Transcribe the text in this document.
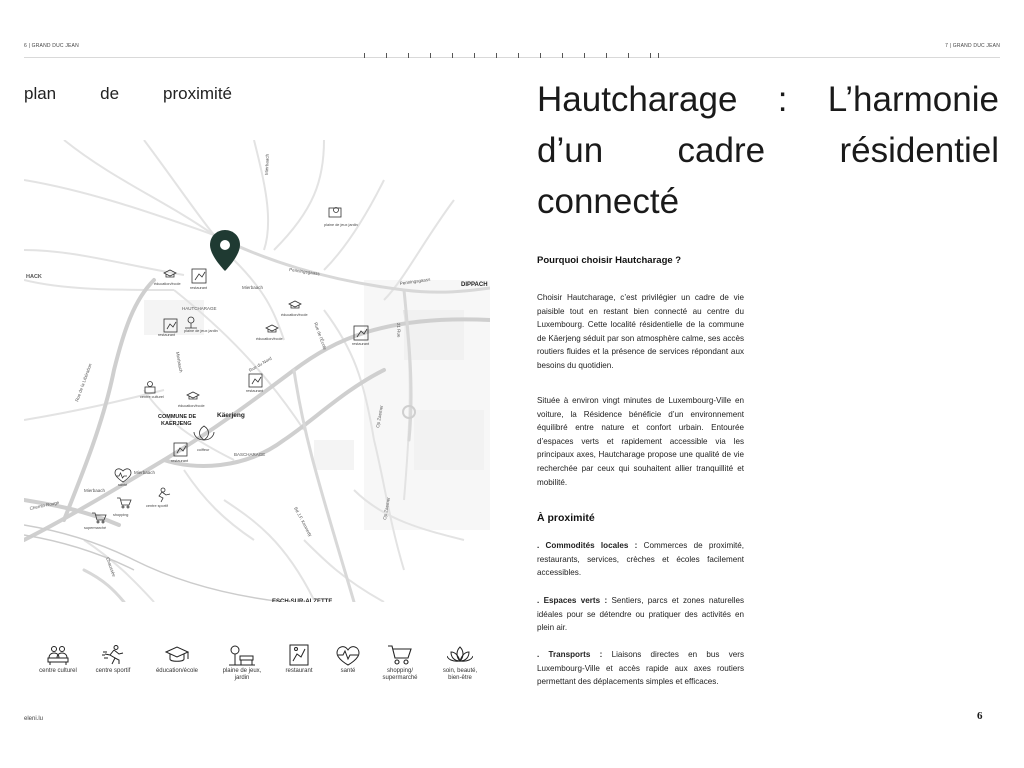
6 | GRAND DUC JEAN	7 | GRAND DUC JEAN
plan	de	proximité
HACK
DIPPACH
HAUTCHARAGE
COMMUNE DE
KAERJENG
Käerjeng
BASCHARAGE
ESCH-SUR-ALZETTE
Rue de la Libération
Mierbaach
Mierbaach
Mierbaach
Mierbaach
Mierbaach
Penningsgaass
Penningsgaass
Rue de l'École
Rue du Nord
21 Rue
Bd J.F. Kennedy
Op Zaemer
Op Zaemer
Chemin Rouge
Chaussée
plaine de jeux jardin
restaurant
éducation/école
éducation/école
restaurant
plaine de jeux jardin
éducation/école
restaurant
restaurant
centre culturel
éducation/école
coiffeur
restaurant
santé
centre sportif
shopping
supermarché
centre culturel	centre sportif	éducation/école	plaine de jeux,
jardin
restaurant	santé	shopping/
supermarché
soin, beauté,
bien-être
eleni.lu
Hautcharage : L’harmonie
d’un cadre résidentiel
connecté
Pourquoi choisir Hautcharage ?
Choisir Hautcharage, c’est privilégier un cadre de vie paisible tout en restant bien connecté au centre du Luxembourg. Cette localité résidentielle de la commune de Käerjeng séduit par son atmosphère calme, ses accès routiers fluides et la présence de services répondant aux besoins du quotidien.
Située à environ vingt minutes de Luxembourg-Ville en voiture, la Résidence bénéficie d’un environnement équilibré entre nature et confort urbain. Entourée d’espaces verts et rapidement accessible via les principaux axes, Hautcharage propose une qualité de vie recherchée par ceux qui souhaitent allier tranquillité et mobilité.
À proximité
. Commodités locales : Commerces de proximité, restaurants, services, crèches et écoles facilement accessibles.
. Espaces verts : Sentiers, parcs et zones naturelles idéales pour se détendre ou pratiquer des activités en plein air.
. Transports : Liaisons directes en bus vers Luxembourg-Ville et accès rapide aux axes routiers permettant des déplacements simples et efficaces.
6
